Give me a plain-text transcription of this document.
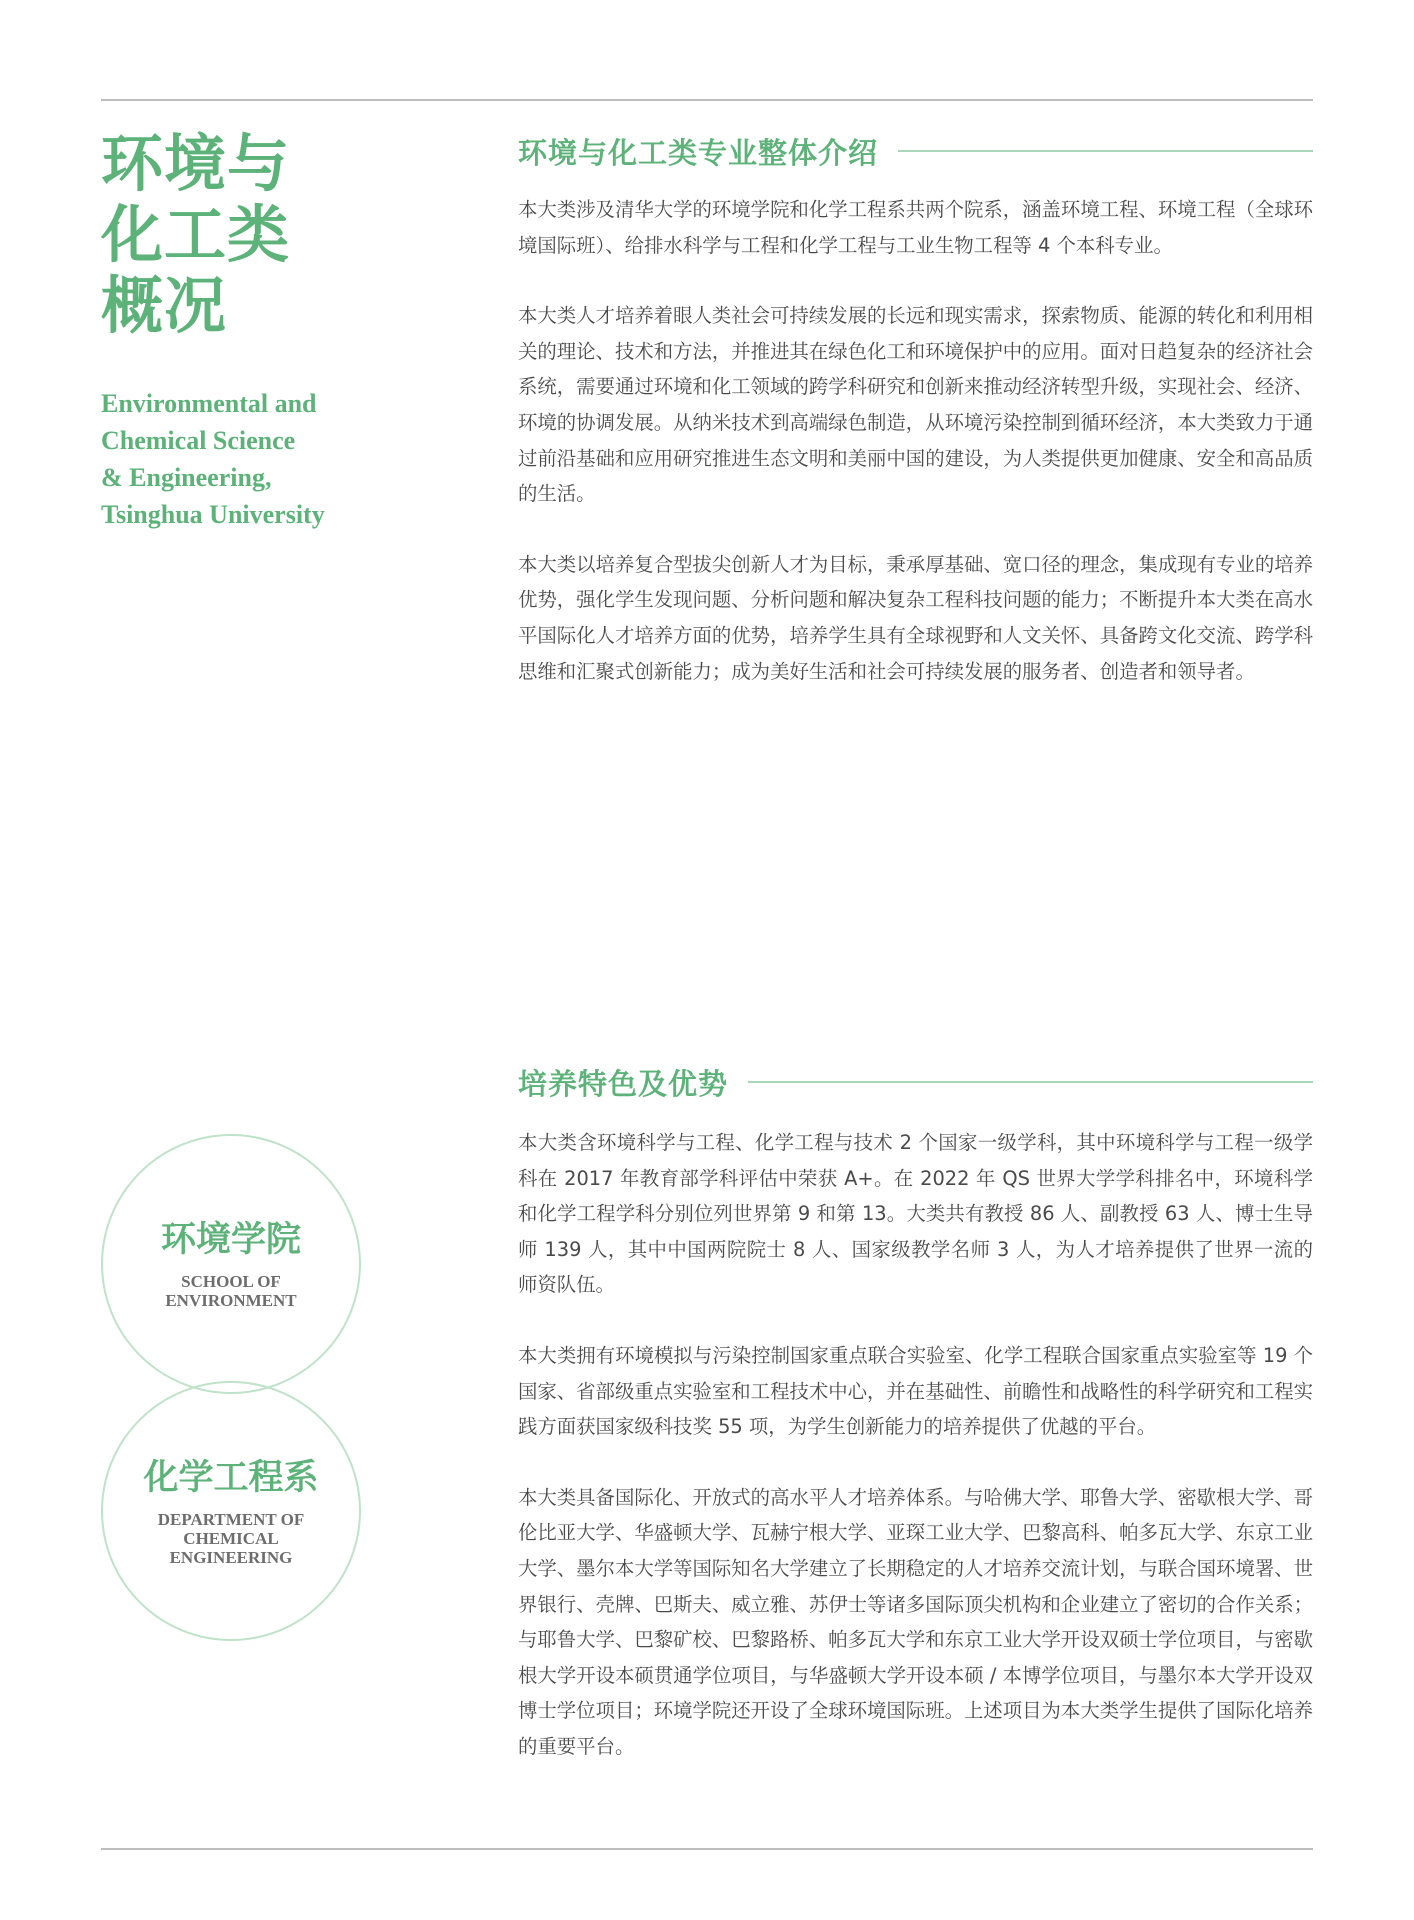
环境与
化工类
概况
Environmental and
Chemical Science
& Engineering,
Tsinghua University
环境与化工类专业整体介绍

本大类涉及清华大学的环境学院和化学工程系共两个院系，涵盖环境工程、环境工程（全球环境国际班）、给排水科学与工程和化学工程与工业生物工程等 4 个本科专业。

本大类人才培养着眼人类社会可持续发展的长远和现实需求，探索物质、能源的转化和利用相关的理论、技术和方法，并推进其在绿色化工和环境保护中的应用。面对日趋复杂的经济社会系统，需要通过环境和化工领域的跨学科研究和创新来推动经济转型升级，实现社会、经济、环境的协调发展。从纳米技术到高端绿色制造，从环境污染控制到循环经济，本大类致力于通过前沿基础和应用研究推进生态文明和美丽中国的建设，为人类提供更加健康、安全和高品质的生活。

本大类以培养复合型拔尖创新人才为目标，秉承厚基础、宽口径的理念，集成现有专业的培养优势，强化学生发现问题、分析问题和解决复杂工程科技问题的能力；不断提升本大类在高水平国际化人才培养方面的优势，培养学生具有全球视野和人文关怀、具备跨文化交流、跨学科思维和汇聚式创新能力；成为美好生活和社会可持续发展的服务者、创造者和领导者。

培养特色及优势

本大类含环境科学与工程、化学工程与技术 2 个国家一级学科，其中环境科学与工程一级学科在 2017 年教育部学科评估中荣获 A+。在 2022 年 QS 世界大学学科排名中，环境科学和化学工程学科分别位列世界第 9 和第 13。大类共有教授 86 人、副教授 63 人、博士生导师 139 人，其中中国两院院士 8 人、国家级教学名师 3 人，为人才培养提供了世界一流的师资队伍。

本大类拥有环境模拟与污染控制国家重点联合实验室、化学工程联合国家重点实验室等 19 个国家、省部级重点实验室和工程技术中心，并在基础性、前瞻性和战略性的科学研究和工程实践方面获国家级科技奖 55 项，为学生创新能力的培养提供了优越的平台。

本大类具备国际化、开放式的高水平人才培养体系。与哈佛大学、耶鲁大学、密歇根大学、哥伦比亚大学、华盛顿大学、瓦赫宁根大学、亚琛工业大学、巴黎高科、帕多瓦大学、东京工业大学、墨尔本大学等国际知名大学建立了长期稳定的人才培养交流计划，与联合国环境署、世界银行、壳牌、巴斯夫、威立雅、苏伊士等诸多国际顶尖机构和企业建立了密切的合作关系；与耶鲁大学、巴黎矿校、巴黎路桥、帕多瓦大学和东京工业大学开设双硕士学位项目，与密歇根大学开设本硕贯通学位项目，与华盛顿大学开设本硕 / 本博学位项目，与墨尔本大学开设双博士学位项目；环境学院还开设了全球环境国际班。上述项目为本大类学生提供了国际化培养的重要平台。

环境学院
SCHOOL OF
ENVIRONMENT
化学工程系
DEPARTMENT OF
CHEMICAL
ENGINEERING
